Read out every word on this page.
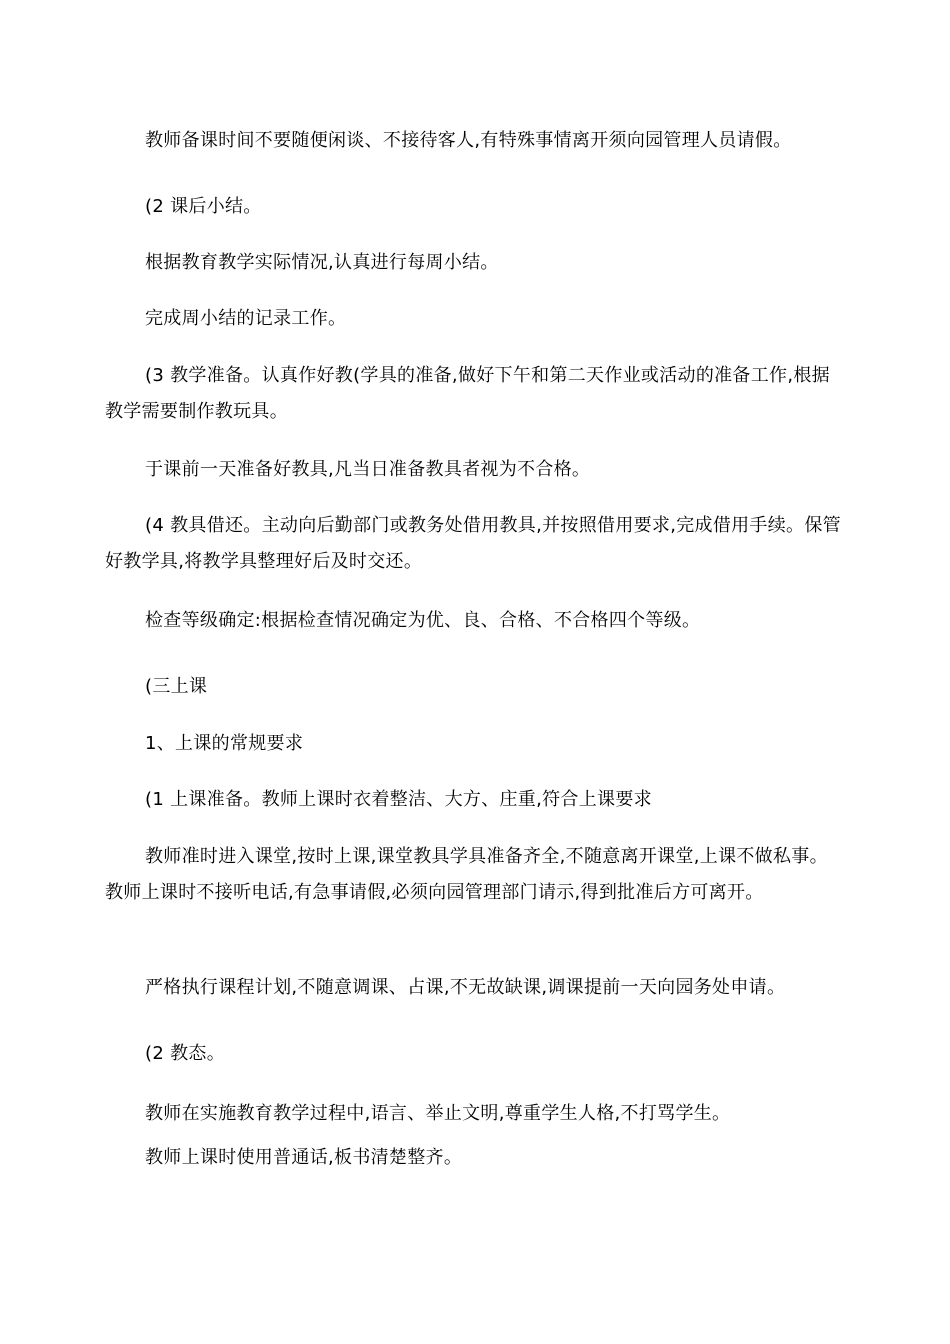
教师备课时间不要随便闲谈、不接待客人,有特殊事情离开须向园管理人员请假。

(2 课后小结。

根据教育教学实际情况,认真进行每周小结。

完成周小结的记录工作。

(3 教学准备。认真作好教(学具的准备,做好下午和第二天作业或活动的准备工作,根据教学需要制作教玩具。

于课前一天准备好教具,凡当日准备教具者视为不合格。

(4 教具借还。主动向后勤部门或教务处借用教具,并按照借用要求,完成借用手续。保管好教学具,将教学具整理好后及时交还。

检查等级确定:根据检查情况确定为优、良、合格、不合格四个等级。

(三上课

1、上课的常规要求

(1 上课准备。教师上课时衣着整洁、大方、庄重,符合上课要求

教师准时进入课堂,按时上课,课堂教具学具准备齐全,不随意离开课堂,上课不做私事。教师上课时不接听电话,有急事请假,必须向园管理部门请示,得到批准后方可离开。

严格执行课程计划,不随意调课、占课,不无故缺课,调课提前一天向园务处申请。

(2 教态。

教师在实施教育教学过程中,语言、举止文明,尊重学生人格,不打骂学生。

教师上课时使用普通话,板书清楚整齐。
